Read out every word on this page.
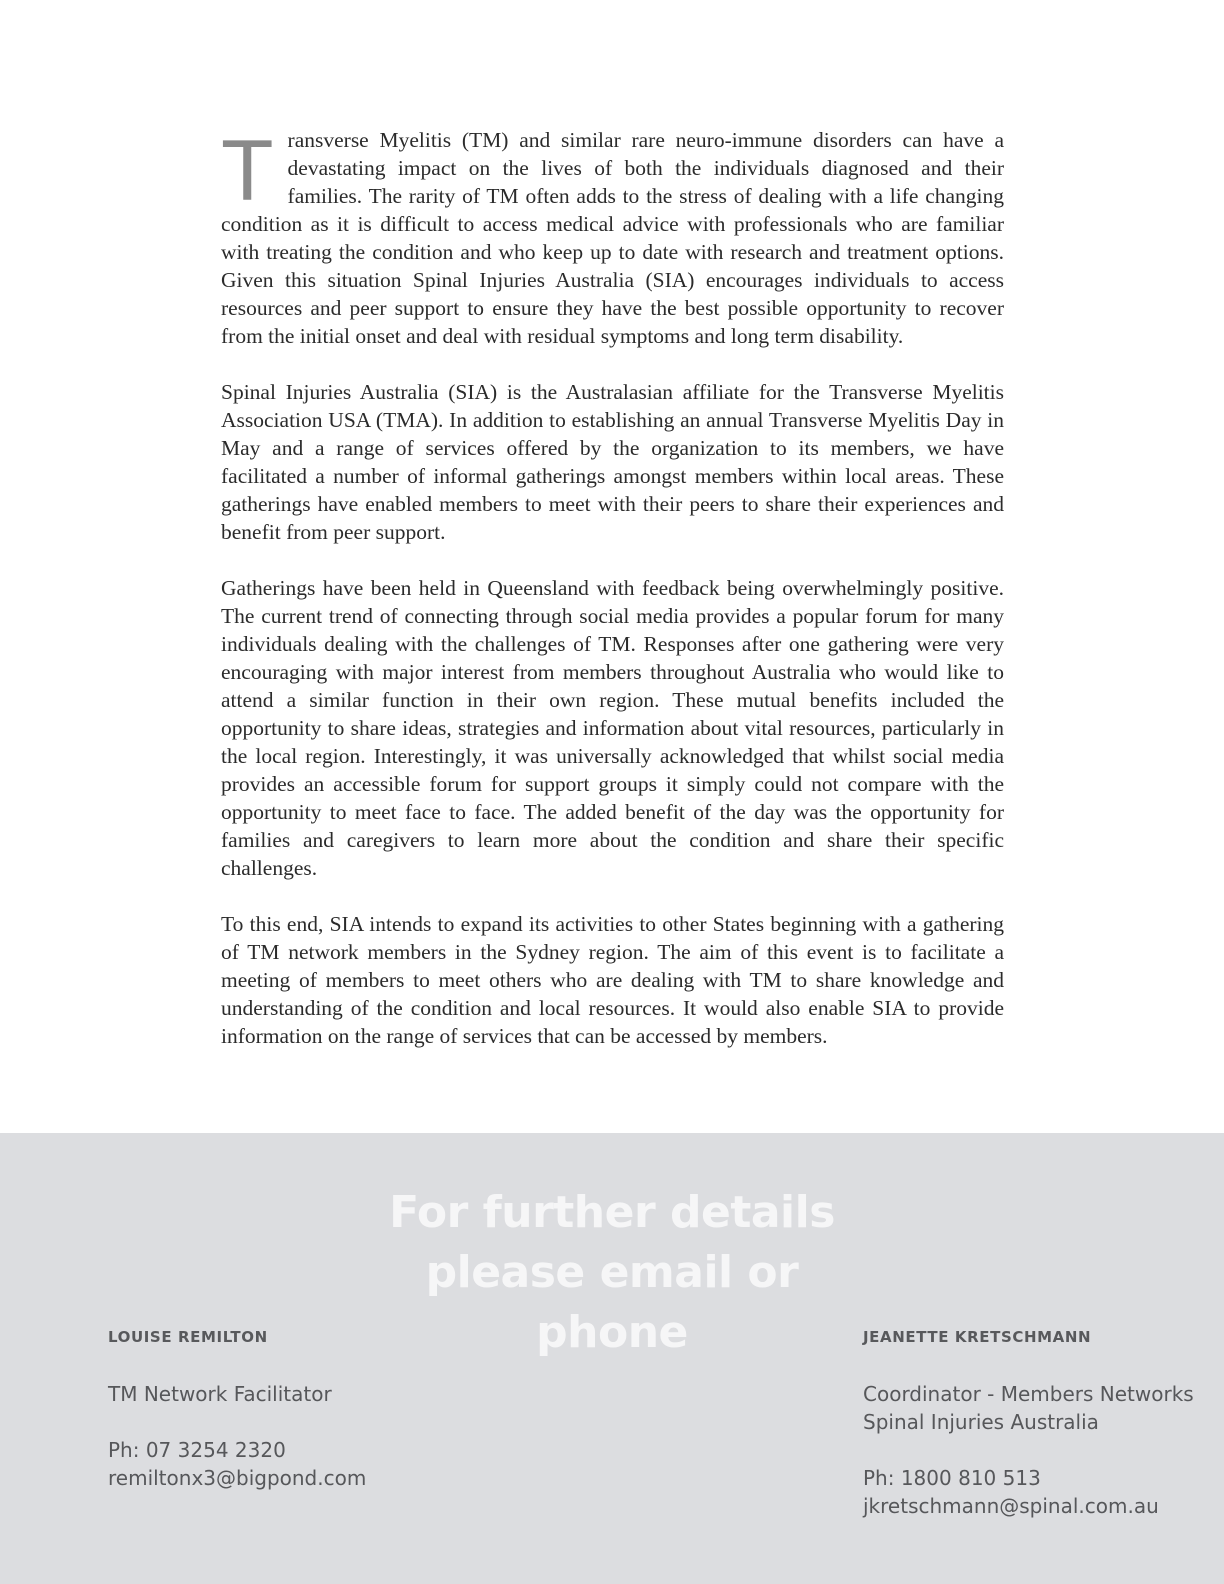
Transverse Myelitis (TM) and similar rare neuro-immune disorders can have a devastating impact on the lives of both the individuals diagnosed and their families. The rarity of TM often adds to the stress of dealing with a life changing condition as it is difficult to access medical advice with professionals who are familiar with treating the condition and who keep up to date with research and treatment options. Given this situation Spinal Injuries Australia (SIA) encourages individuals to access resources and peer support to ensure they have the best possible opportunity to recover from the initial onset and deal with residual symptoms and long term disability.

Spinal Injuries Australia (SIA) is the Australasian affiliate for the Transverse Myelitis Association USA (TMA). In addition to establishing an annual Transverse Myelitis Day in May and a range of services offered by the organization to its members, we have facilitated a number of informal gatherings amongst members within local areas. These gatherings have enabled members to meet with their peers to share their experiences and benefit from peer support.

Gatherings have been held in Queensland with feedback being overwhelmingly positive. The current trend of connecting through social media provides a popular forum for many individuals dealing with the challenges of TM. Responses after one gathering were very encouraging with major interest from members throughout Australia who would like to attend a similar function in their own region. These mutual benefits included the opportunity to share ideas, strategies and information about vital resources, particularly in the local region. Interestingly, it was universally acknowledged that whilst social media provides an accessible forum for support groups it simply could not compare with the opportunity to meet face to face. The added benefit of the day was the opportunity for families and caregivers to learn more about the condition and share their specific challenges.

To this end, SIA intends to expand its activities to other States beginning with a gathering of TM network members in the Sydney region. The aim of this event is to facilitate a meeting of members to meet others who are dealing with TM to share knowledge and understanding of the condition and local resources. It would also enable SIA to provide information on the range of services that can be accessed by members.

For further details
please email or
phone
LOUISE REMILTON

TM Network Facilitator

Ph: 07 3254 2320

remiltonx3@bigpond.com

JEANETTE KRETSCHMANN

Coordinator - Members Networks

Spinal Injuries Australia

Ph: 1800 810 513

jkretschmann@spinal.com.au
